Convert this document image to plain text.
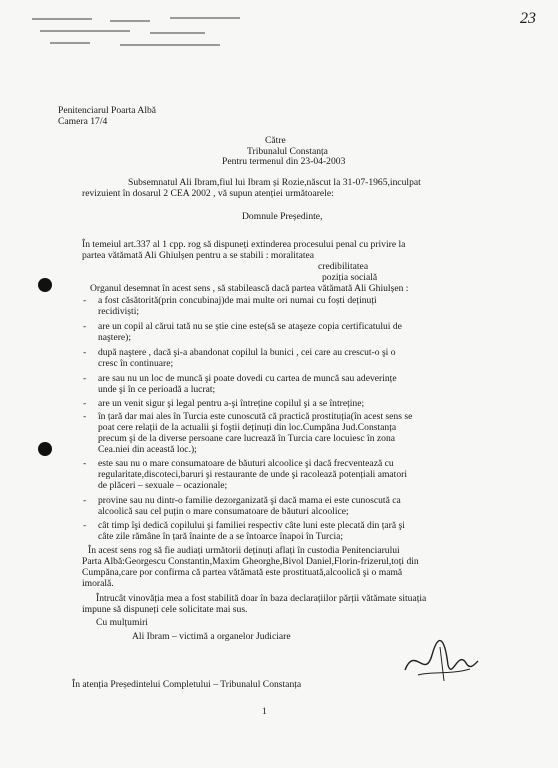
23
Penitenciarul Poarta Albă
Camera 17/4
Către
Tribunalul Constanța
Pentru termenul din 23-04-2003
Subsemnatul Ali Ibram,fiul lui Ibram și Rozie,născut la 31-07-1965,inculpat
revizuient în dosarul 2 CEA 2002 , vă supun atenției următoarele:
Domnule Președinte,
În temeiul art.337 al 1 cpp. rog să dispuneți extinderea procesului penal cu privire la
partea vătămată Ali Ghiulșen pentru a se stabili : moralitatea
credibilitatea
poziția socială
Organul desemnat în acest sens , să stabilească dacă partea vătămată Ali Ghiulșen :
- a fost căsătorită(prin concubinaj)de mai multe ori numai cu foști deținuți
recidiviști;
- are un copil al cărui tată nu se știe cine este(să se ataşeze copia certificatului de
naştere);
- după naştere , dacă şi-a abandonat copilul la bunici , cei care au crescut-o şi o
cresc în continuare;
- are sau nu un loc de muncă şi poate dovedi cu cartea de muncă sau adeverințe
unde şi în ce perioadă a lucrat;
- are un venit sigur şi legal pentru a-şi întreține copilul şi a se întreține;
- în țară dar mai ales în Turcia este cunoscută că practică prostituția(în acest sens se
poat cere relații de la actualii şi foştii deținuți din loc.Cumpăna Jud.Constanța
precum şi de la diverse persoane care lucrează în Turcia care locuiesc în zona
Cea.niei din această loc.);
- este sau nu o mare consumatoare de băuturi alcoolice şi dacă frecventează cu
regularitate,discoteci,baruri şi restaurante de unde şi racolează potențiali amatori
de plăceri – sexuale – ocazionale;
- provine sau nu dintr-o familie dezorganizată şi dacă mama ei este cunoscută ca
alcoolică sau cel puțin o mare consumatoare de băuturi alcoolice;
- cât timp îşi dedică copilului şi familiei respectiv câte luni este plecată din țară şi
câte zile rămâne în țară înainte de a se întoarce înapoi în Turcia;
În acest sens rog să fie audiați următorii deținuți aflați în custodia Penitenciarului
Parta Albă:Georgescu Constantin,Maxim Gheorghe,Bivol Daniel,Florin-frizerul,toți din
Cumpăna,care por confirma că partea vătămată este prostituată,alcoolică şi o mamă
imorală.
Întrucât vinovăția mea a fost stabilită doar în baza declarațiilor părții vătămate situația
impune să dispuneți cele solicitate mai sus.
Cu mulțumiri
Ali Ibram – victimă a organelor Judiciare
În atenția Președintelui Completului – Tribunalul Constanța
1
